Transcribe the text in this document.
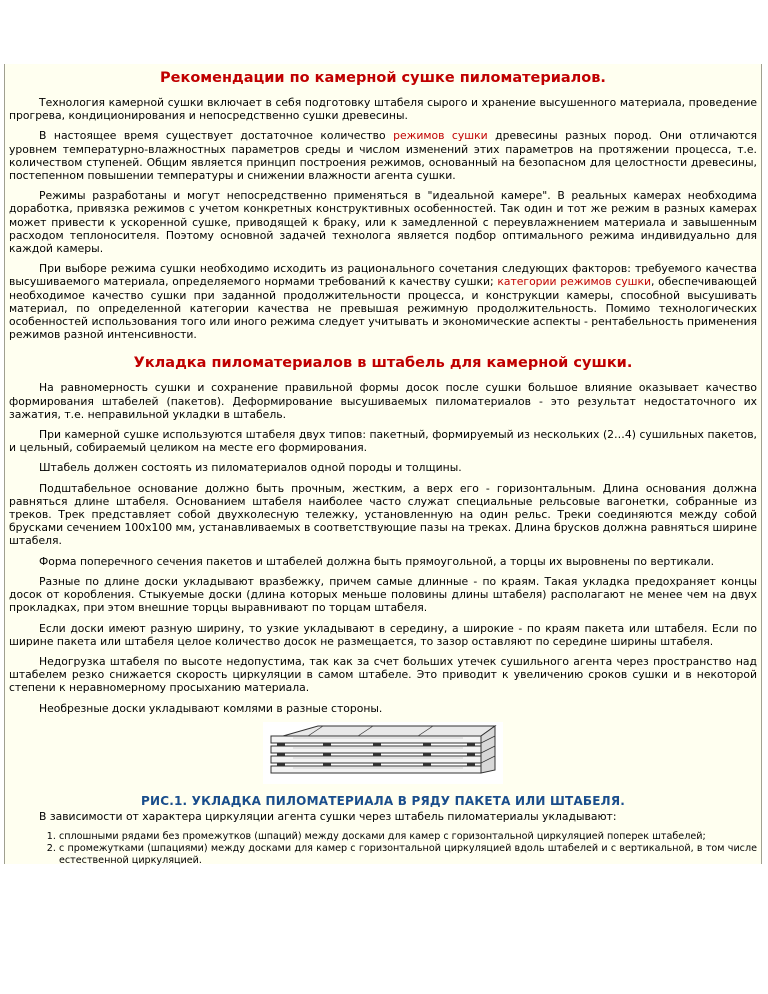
Рекомендации по камерной сушке пиломатериалов.

Технология камерной сушки включает в себя подготовку штабеля сырого и хранение высушенного материала, проведение прогрева, кондиционирования и непосредственно сушки древесины.

В настоящее время существует достаточное количество режимов сушки древесины разных пород. Они отличаются уровнем температурно-влажностных параметров среды и числом изменений этих параметров на протяжении процесса, т.е. количеством ступеней. Общим является принцип построения режимов, основанный на безопасном для целостности древесины, постепенном повышении температуры и снижении влажности агента сушки.

Режимы разработаны и могут непосредственно применяться в "идеальной камере". В реальных камерах необходима доработка, привязка режимов с учетом конкретных конструктивных особенностей. Так один и тот же режим в разных камерах может привести к ускоренной сушке, приводящей к браку, или к замедленной с переувлажнением материала и завышенным расходом теплоносителя. Поэтому основной задачей технолога является подбор оптимального режима индивидуально для каждой камеры.

При выборе режима сушки необходимо исходить из рационального сочетания следующих факторов: требуемого качества высушиваемого материала, определяемого нормами требований к качеству сушки; категории режимов сушки, обеспечивающей необходимое качество сушки при заданной продолжительности процесса, и конструкции камеры, способной высушивать материал, по определенной категории качества не превышая режимную продолжительность. Помимо технологических особенностей использования того или иного режима следует учитывать и экономические аспекты - рентабельность применения режимов разной интенсивности.

Укладка пиломатериалов в штабель для камерной сушки.

На равномерность сушки и сохранение правильной формы досок после сушки большое влияние оказывает качество формирования штабелей (пакетов). Деформирование высушиваемых пиломатериалов - это результат недостаточного их зажатия, т.е. неправильной укладки в штабель.

При камерной сушке используются штабеля двух типов: пакетный, формируемый из нескольких (2…4) сушильных пакетов, и цельный, собираемый целиком на месте его формирования.

Штабель должен состоять из пиломатериалов одной породы и толщины.

Подштабельное основание должно быть прочным, жестким, а верх его - горизонтальным. Длина основания должна равняться длине штабеля. Основанием штабеля наиболее часто служат специальные рельсовые вагонетки, собранные из треков. Трек представляет собой двухколесную тележку, установленную на один рельс. Треки соединяются между собой брусками сечением 100х100 мм, устанавливаемых в соответствующие пазы на треках. Длина брусков должна равняться ширине штабеля.

Форма поперечного сечения пакетов и штабелей должна быть прямоугольной, а торцы их выровнены по вертикали.

Разные по длине доски укладывают вразбежку, причем самые длинные - по краям. Такая укладка предохраняет концы досок от коробления. Стыкуемые доски (длина которых меньше половины длины штабеля) располагают не менее чем на двух прокладках, при этом внешние торцы выравнивают по торцам штабеля.

Если доски имеют разную ширину, то узкие укладывают в середину, а широкие - по краям пакета или штабеля. Если по ширине пакета или штабеля целое количество досок не размещается, то зазор оставляют по середине ширины штабеля.

Недогрузка штабеля по высоте недопустима, так как за счет больших утечек сушильного агента через пространство над штабелем резко снижается скорость циркуляции в самом штабеле. Это приводит к увеличению сроков сушки и в некоторой степени к неравномерному просыханию материала.

Необрезные доски укладывают комлями в разные стороны.

РИС.1. УКЛАДКА ПИЛОМАТЕРИАЛА В РЯДУ ПАКЕТА ИЛИ ШТАБЕЛЯ.

В зависимости от характера циркуляции агента сушки через штабель пиломатериалы укладывают:

1. сплошными рядами без промежутков (шпаций) между досками для камер с горизонтальной циркуляцией поперек штабелей;
2. с промежутками (шпациями) между досками для камер с горизонтальной циркуляцией вдоль штабелей и с вертикальной, в том числе естественной циркуляцией.
